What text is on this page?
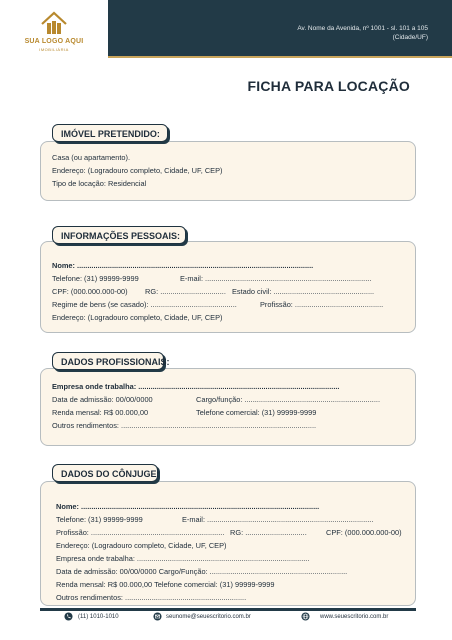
SUA LOGO AQUI
IMOBILIÁRIA
Av. Nome da Avenida, nº 1001 - sl. 101 a 105
(Cidade/UF)
FICHA PARA LOCAÇÃO
IMÓVEL PRETENDIDO:
Casa (ou apartamento).
Endereço: (Logradouro completo, Cidade, UF, CEP)
Tipo de locação: Residencial
INFORMAÇÕES PESSOAIS:
Nome: ...................................................................................................................
Telefone: (31) 99999-9999	E-mail: .................................................................................
CPF: (000.000.000-00) RG: ................................ Estado civil: .................................................
Regime de bens (se casado): ..........................................	Profissão: ...........................................
Endereço: (Logradouro completo, Cidade, UF, CEP)
DADOS PROFISSIONAIS:
Empresa onde trabalha: ..................................................................................................
Data de admissão: 00/00/0000	Cargo/função: ..................................................................
Renda mensal: R$ 00.000,00	Telefone comercial: (31) 99999-9999
Outros rendimentos: ...............................................................................................
DADOS DO CÔNJUGE:
Nome: ....................................................................................................................
Telefone: (31) 99999-9999	E-mail: .................................................................................
Profissão: ................................................................. RG: ..............................	CPF: (000.000.000-00)
Endereço: (Logradouro completo, Cidade, UF, CEP)
Empresa onde trabalha: ....................................................................................
Data de admissão: 00/00/0000 Cargo/Função: ...................................................................
Renda mensal: R$ 00.000,00 Telefone comercial: (31) 99999-9999
Outros rendimentos: ...........................................................
(11) 1010-1010	seunome@seuescritorio.com.br	www.seuescritorio.com.br
